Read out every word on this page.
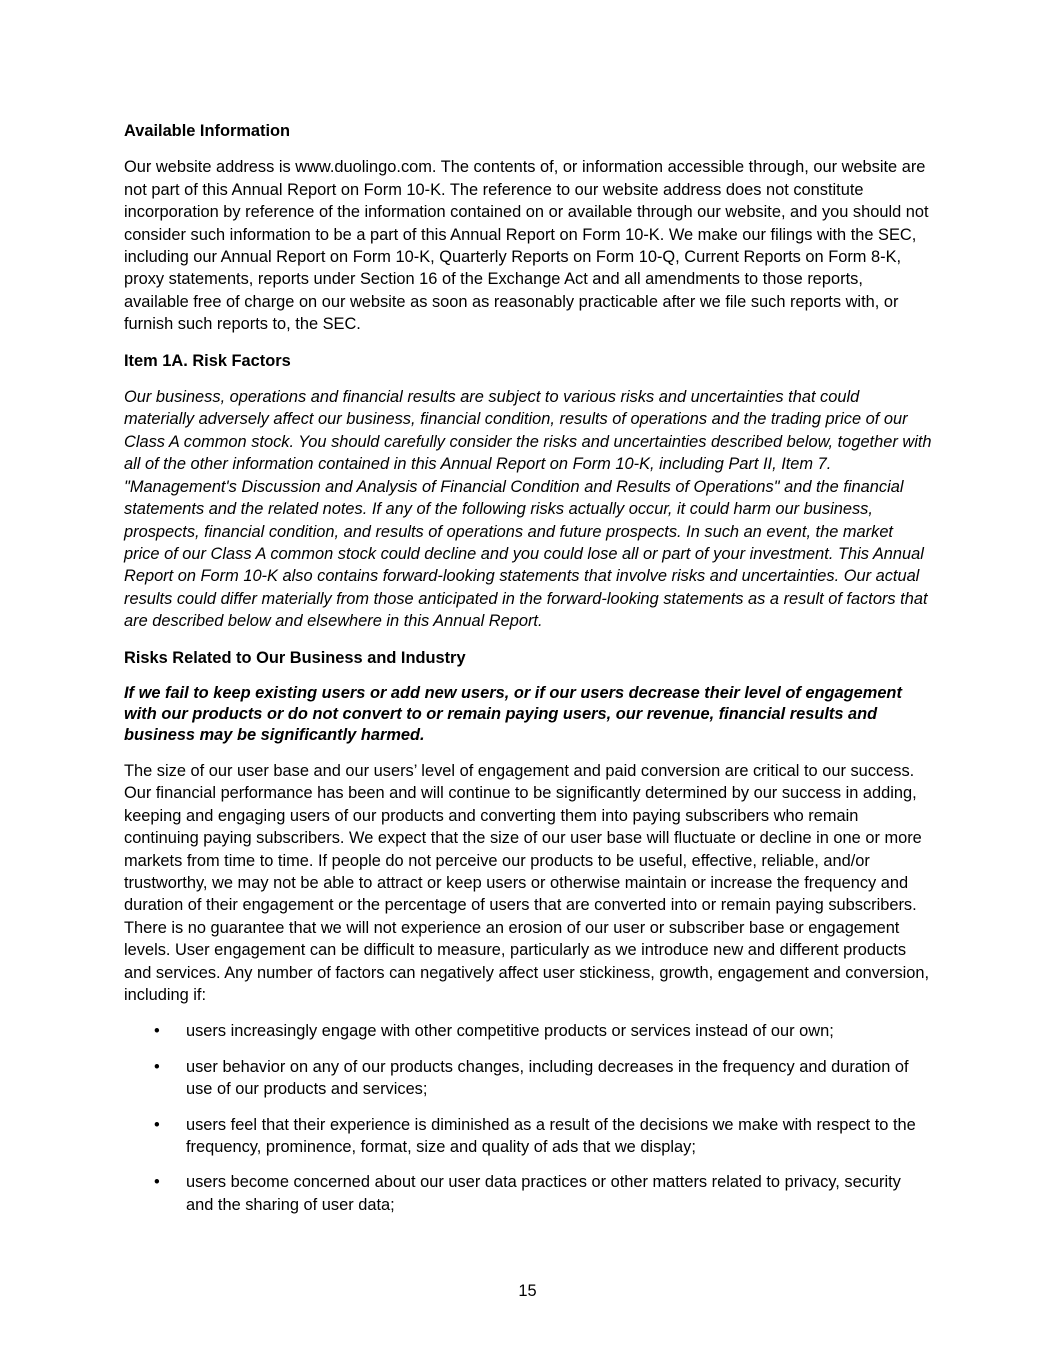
Available Information

Our website address is www.duolingo.com. The contents of, or information accessible through, our website are not part of this Annual Report on Form 10-K. The reference to our website address does not constitute incorporation by reference of the information contained on or available through our website, and you should not consider such information to be a part of this Annual Report on Form 10-K. We make our filings with the SEC, including our Annual Report on Form 10-K, Quarterly Reports on Form 10-Q, Current Reports on Form 8-K, proxy statements, reports under Section 16 of the Exchange Act and all amendments to those reports, available free of charge on our website as soon as reasonably practicable after we file such reports with, or furnish such reports to, the SEC.

Item 1A. Risk Factors

Our business, operations and financial results are subject to various risks and uncertainties that could materially adversely affect our business, financial condition, results of operations and the trading price of our Class A common stock. You should carefully consider the risks and uncertainties described below, together with all of the other information contained in this Annual Report on Form 10-K, including Part II, Item 7. "Management's Discussion and Analysis of Financial Condition and Results of Operations" and the financial statements and the related notes. If any of the following risks actually occur, it could harm our business, prospects, financial condition, and results of operations and future prospects. In such an event, the market price of our Class A common stock could decline and you could lose all or part of your investment. This Annual Report on Form 10-K also contains forward-looking statements that involve risks and uncertainties. Our actual results could differ materially from those anticipated in the forward-looking statements as a result of factors that are described below and elsewhere in this Annual Report.

Risks Related to Our Business and Industry

If we fail to keep existing users or add new users, or if our users decrease their level of engagement with our products or do not convert to or remain paying users, our revenue, financial results and business may be significantly harmed.

The size of our user base and our users’ level of engagement and paid conversion are critical to our success. Our financial performance has been and will continue to be significantly determined by our success in adding, keeping and engaging users of our products and converting them into paying subscribers who remain continuing paying subscribers. We expect that the size of our user base will fluctuate or decline in one or more markets from time to time. If people do not perceive our products to be useful, effective, reliable, and/or trustworthy, we may not be able to attract or keep users or otherwise maintain or increase the frequency and duration of their engagement or the percentage of users that are converted into or remain paying subscribers. There is no guarantee that we will not experience an erosion of our user or subscriber base or engagement levels. User engagement can be difficult to measure, particularly as we introduce new and different products and services. Any number of factors can negatively affect user stickiness, growth, engagement and conversion, including if:

• users increasingly engage with other competitive products or services instead of our own;
• user behavior on any of our products changes, including decreases in the frequency and duration of use of our products and services;
• users feel that their experience is diminished as a result of the decisions we make with respect to the frequency, prominence, format, size and quality of ads that we display;
• users become concerned about our user data practices or other matters related to privacy, security and the sharing of user data;
15
